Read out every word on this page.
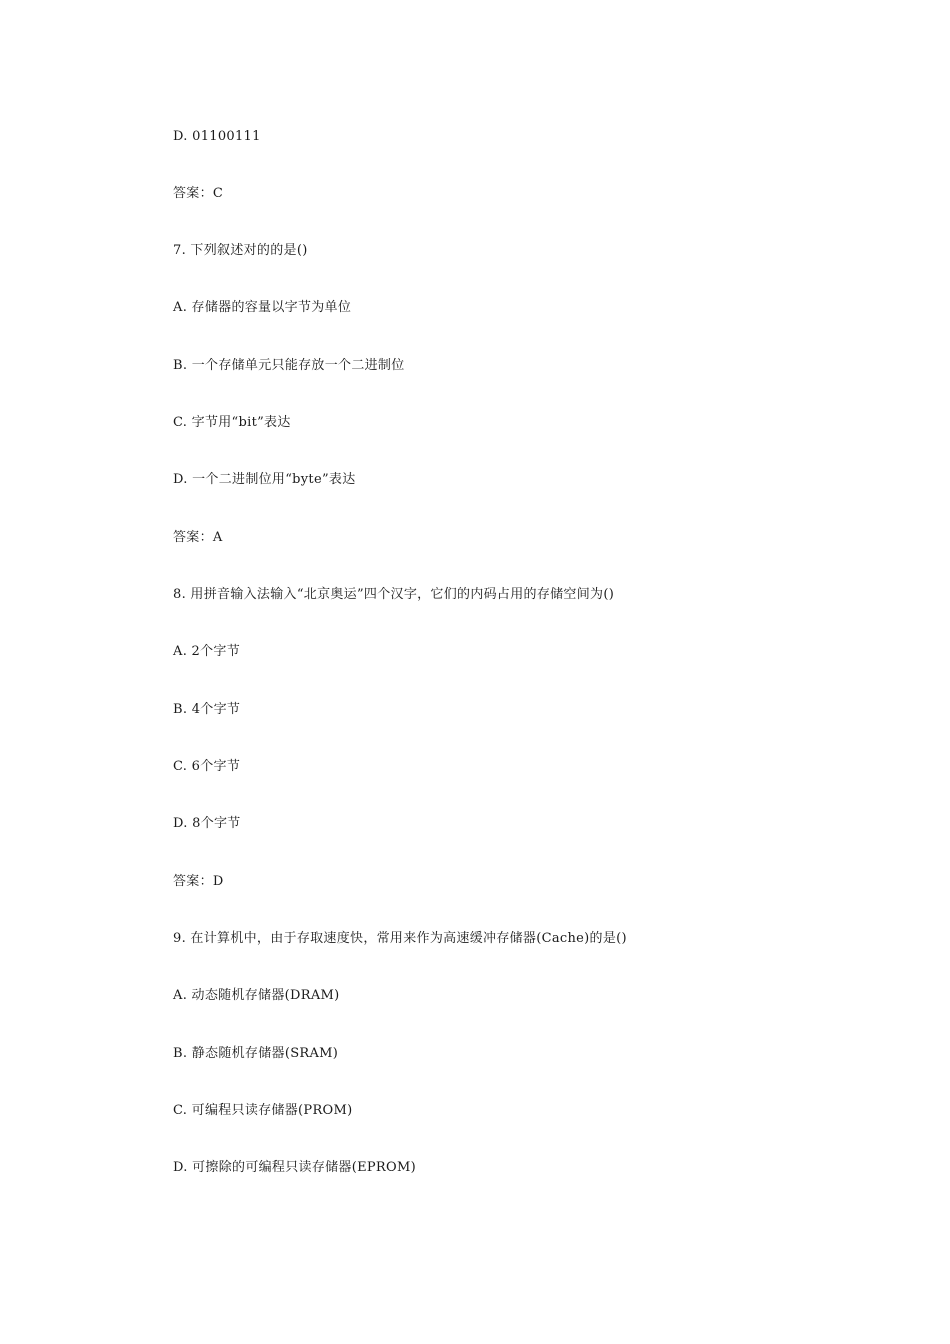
D. 01100111
答案：C
7. 下列叙述对的的是()
A. 存储器的容量以字节为单位
B. 一个存储单元只能存放一个二进制位
C. 字节用“bit”表达
D. 一个二进制位用“byte”表达
答案：A
8. 用拼音输入法输入“北京奥运”四个汉字，它们的内码占用的存储空间为()
A. 2个字节
B. 4个字节
C. 6个字节
D. 8个字节
答案：D
9. 在计算机中，由于存取速度快，常用来作为高速缓冲存储器(Cache)的是()
A. 动态随机存储器(DRAM)
B. 静态随机存储器(SRAM)
C. 可编程只读存储器(PROM)
D. 可擦除的可编程只读存储器(EPROM)
